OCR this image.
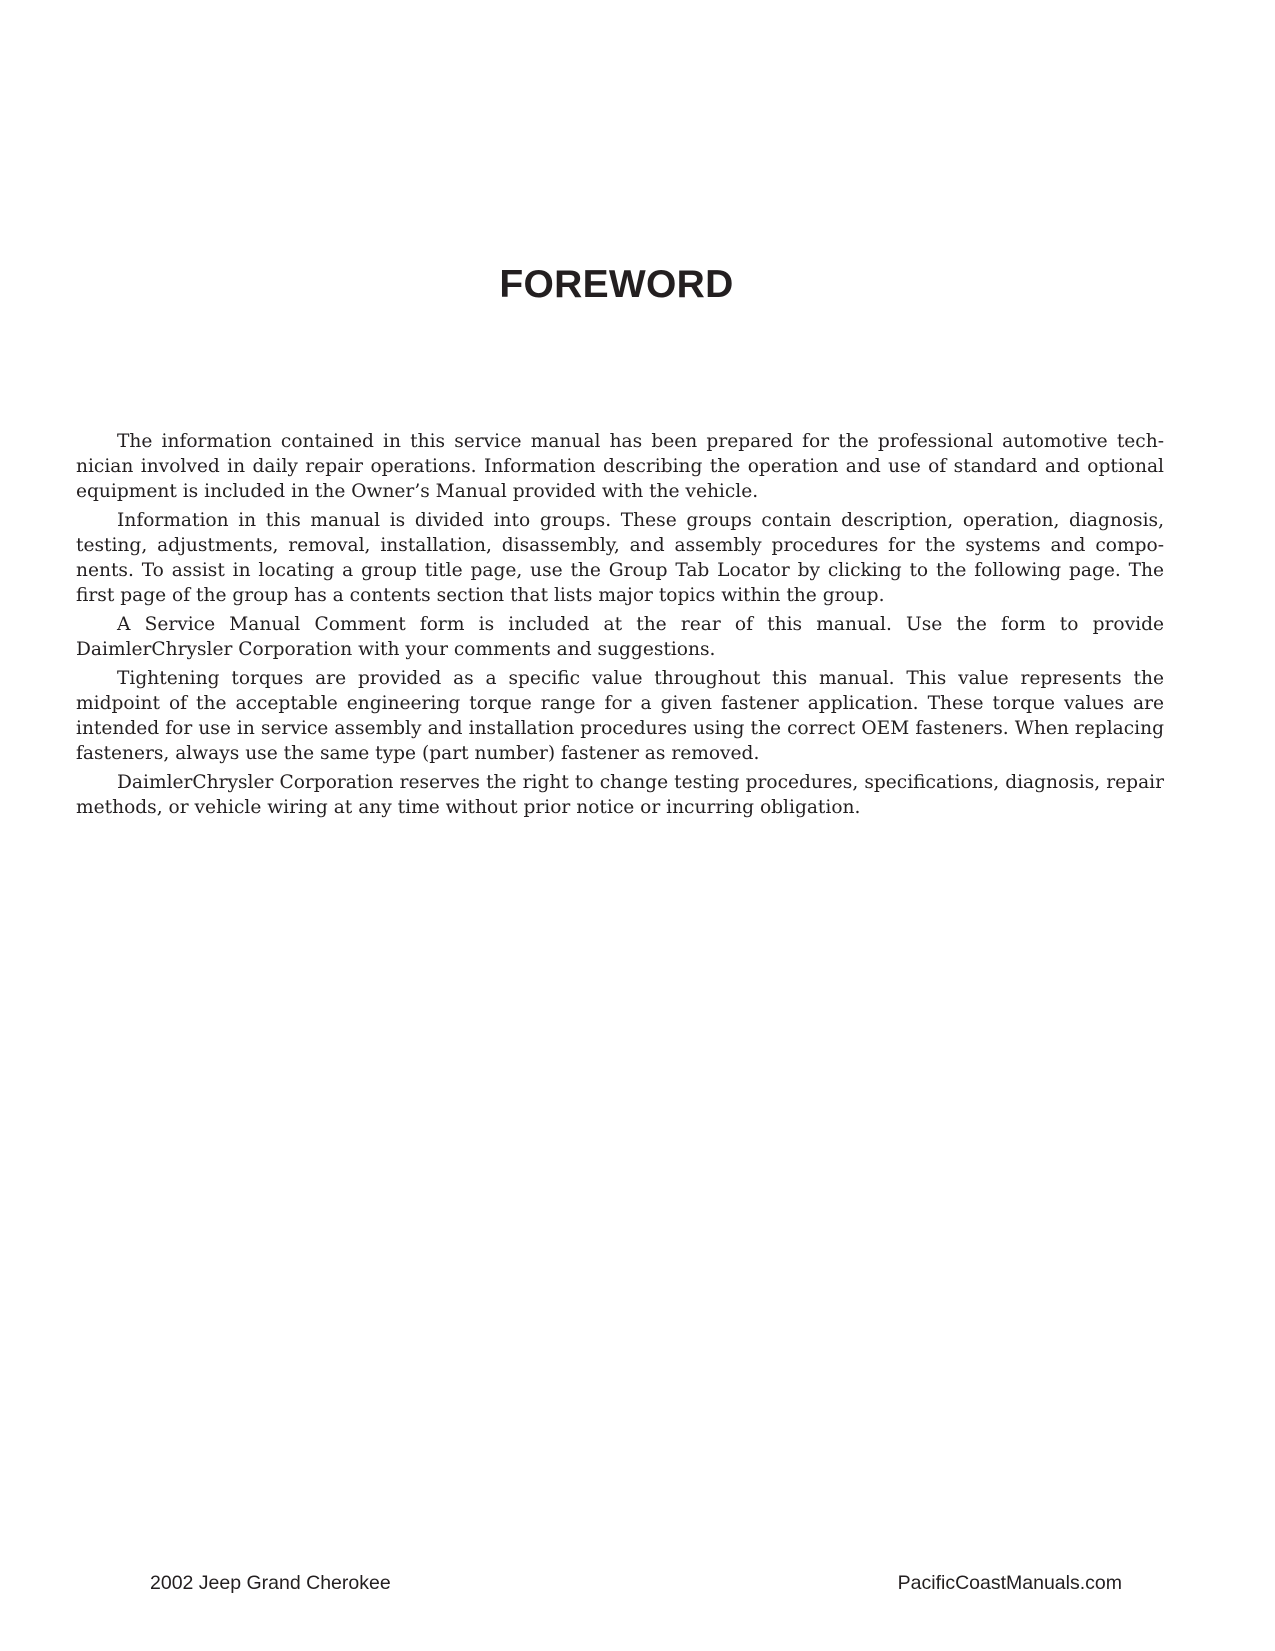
FOREWORD

The information contained in this service manual has been prepared for the professional automotive technician involved in daily repair operations. Information describing the operation and use of standard and optional equipment is included in the Owner’s Manual provided with the vehicle.

Information in this manual is divided into groups. These groups contain description, operation, diagnosis, testing, adjustments, removal, installation, disassembly, and assembly procedures for the systems and components. To assist in locating a group title page, use the Group Tab Locator by clicking to the following page. The first page of the group has a contents section that lists major topics within the group.

A Service Manual Comment form is included at the rear of this manual. Use the form to provide DaimlerChrysler Corporation with your comments and suggestions.

Tightening torques are provided as a specific value throughout this manual. This value represents the midpoint of the acceptable engineering torque range for a given fastener application. These torque values are intended for use in service assembly and installation procedures using the correct OEM fasteners. When replacing fasteners, always use the same type (part number) fastener as removed.

DaimlerChrysler Corporation reserves the right to change testing procedures, specifications, diagnosis, repair methods, or vehicle wiring at any time without prior notice or incurring obligation.

2002 Jeep Grand Cherokee	PacificCoastManuals.com
